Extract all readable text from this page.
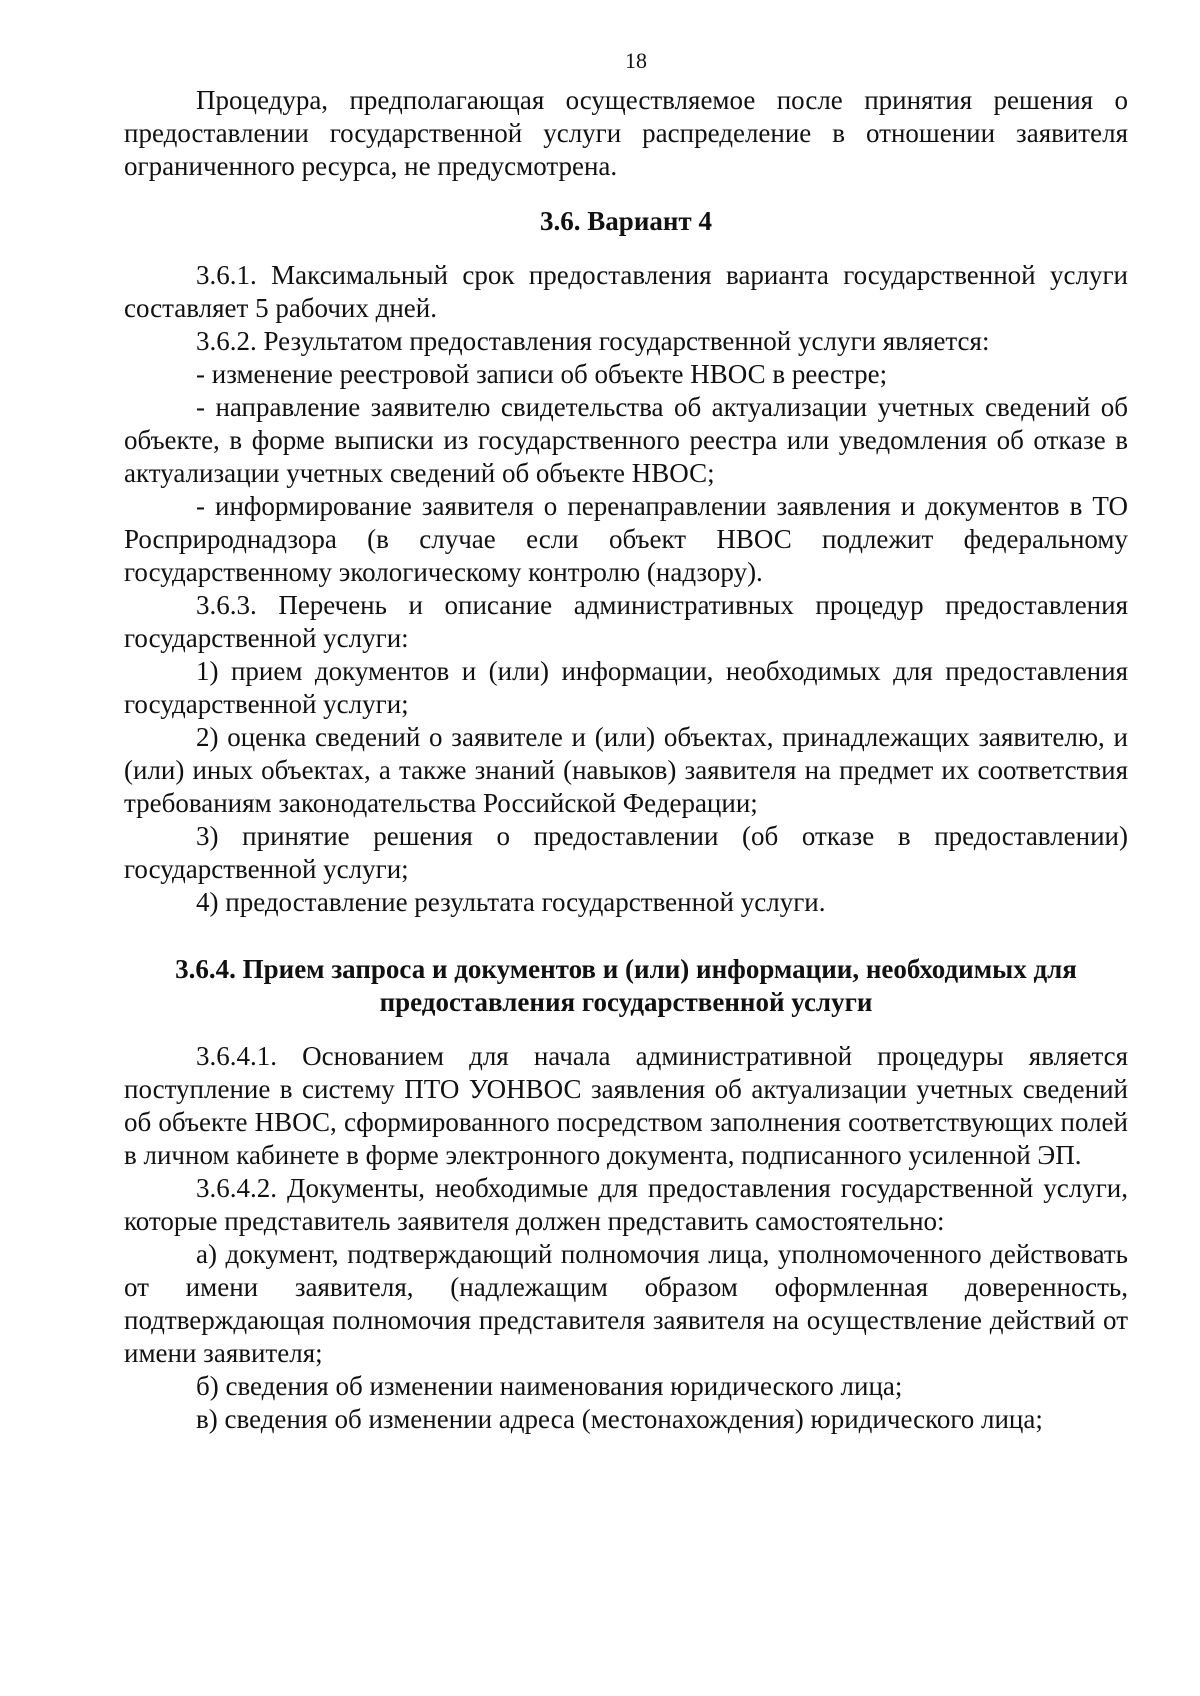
18

Процедура, предполагающая осуществляемое после принятия решения о предоставлении государственной услуги распределение в отношении заявителя ограниченного ресурса, не предусмотрена.

3.6. Вариант 4

3.6.1. Максимальный срок предоставления варианта государственной услуги составляет 5 рабочих дней.

3.6.2. Результатом предоставления государственной услуги является:

- изменение реестровой записи об объекте НВОС в реестре;

- направление заявителю свидетельства об актуализации учетных сведений об объекте, в форме выписки из государственного реестра или уведомления об отказе в актуализации учетных сведений об объекте НВОС;

- информирование заявителя о перенаправлении заявления и документов в ТО Росприроднадзора (в случае если объект НВОС подлежит федеральному государственному экологическому контролю (надзору).

3.6.3. Перечень и описание административных процедур предоставления государственной услуги:

1) прием документов и (или) информации, необходимых для предоставления государственной услуги;

2) оценка сведений о заявителе и (или) объектах, принадлежащих заявителю, и (или) иных объектах, а также знаний (навыков) заявителя на предмет их соответствия требованиям законодательства Российской Федерации;

3) принятие решения о предоставлении (об отказе в предоставлении) государственной услуги;

4) предоставление результата государственной услуги.

3.6.4. Прием запроса и документов и (или) информации, необходимых для предоставления государственной услуги

3.6.4.1. Основанием для начала административной процедуры является поступление в систему ПТО УОНВОС заявления об актуализации учетных сведений об объекте НВОС, сформированного посредством заполнения соответствующих полей в личном кабинете в форме электронного документа, подписанного усиленной ЭП.

3.6.4.2. Документы, необходимые для предоставления государственной услуги, которые представитель заявителя должен представить самостоятельно:

а) документ, подтверждающий полномочия лица, уполномоченного действовать от имени заявителя, (надлежащим образом оформленная доверенность, подтверждающая полномочия представителя заявителя на осуществление действий от имени заявителя;

б) сведения об изменении наименования юридического лица;

в) сведения об изменении адреса (местонахождения) юридического лица;
